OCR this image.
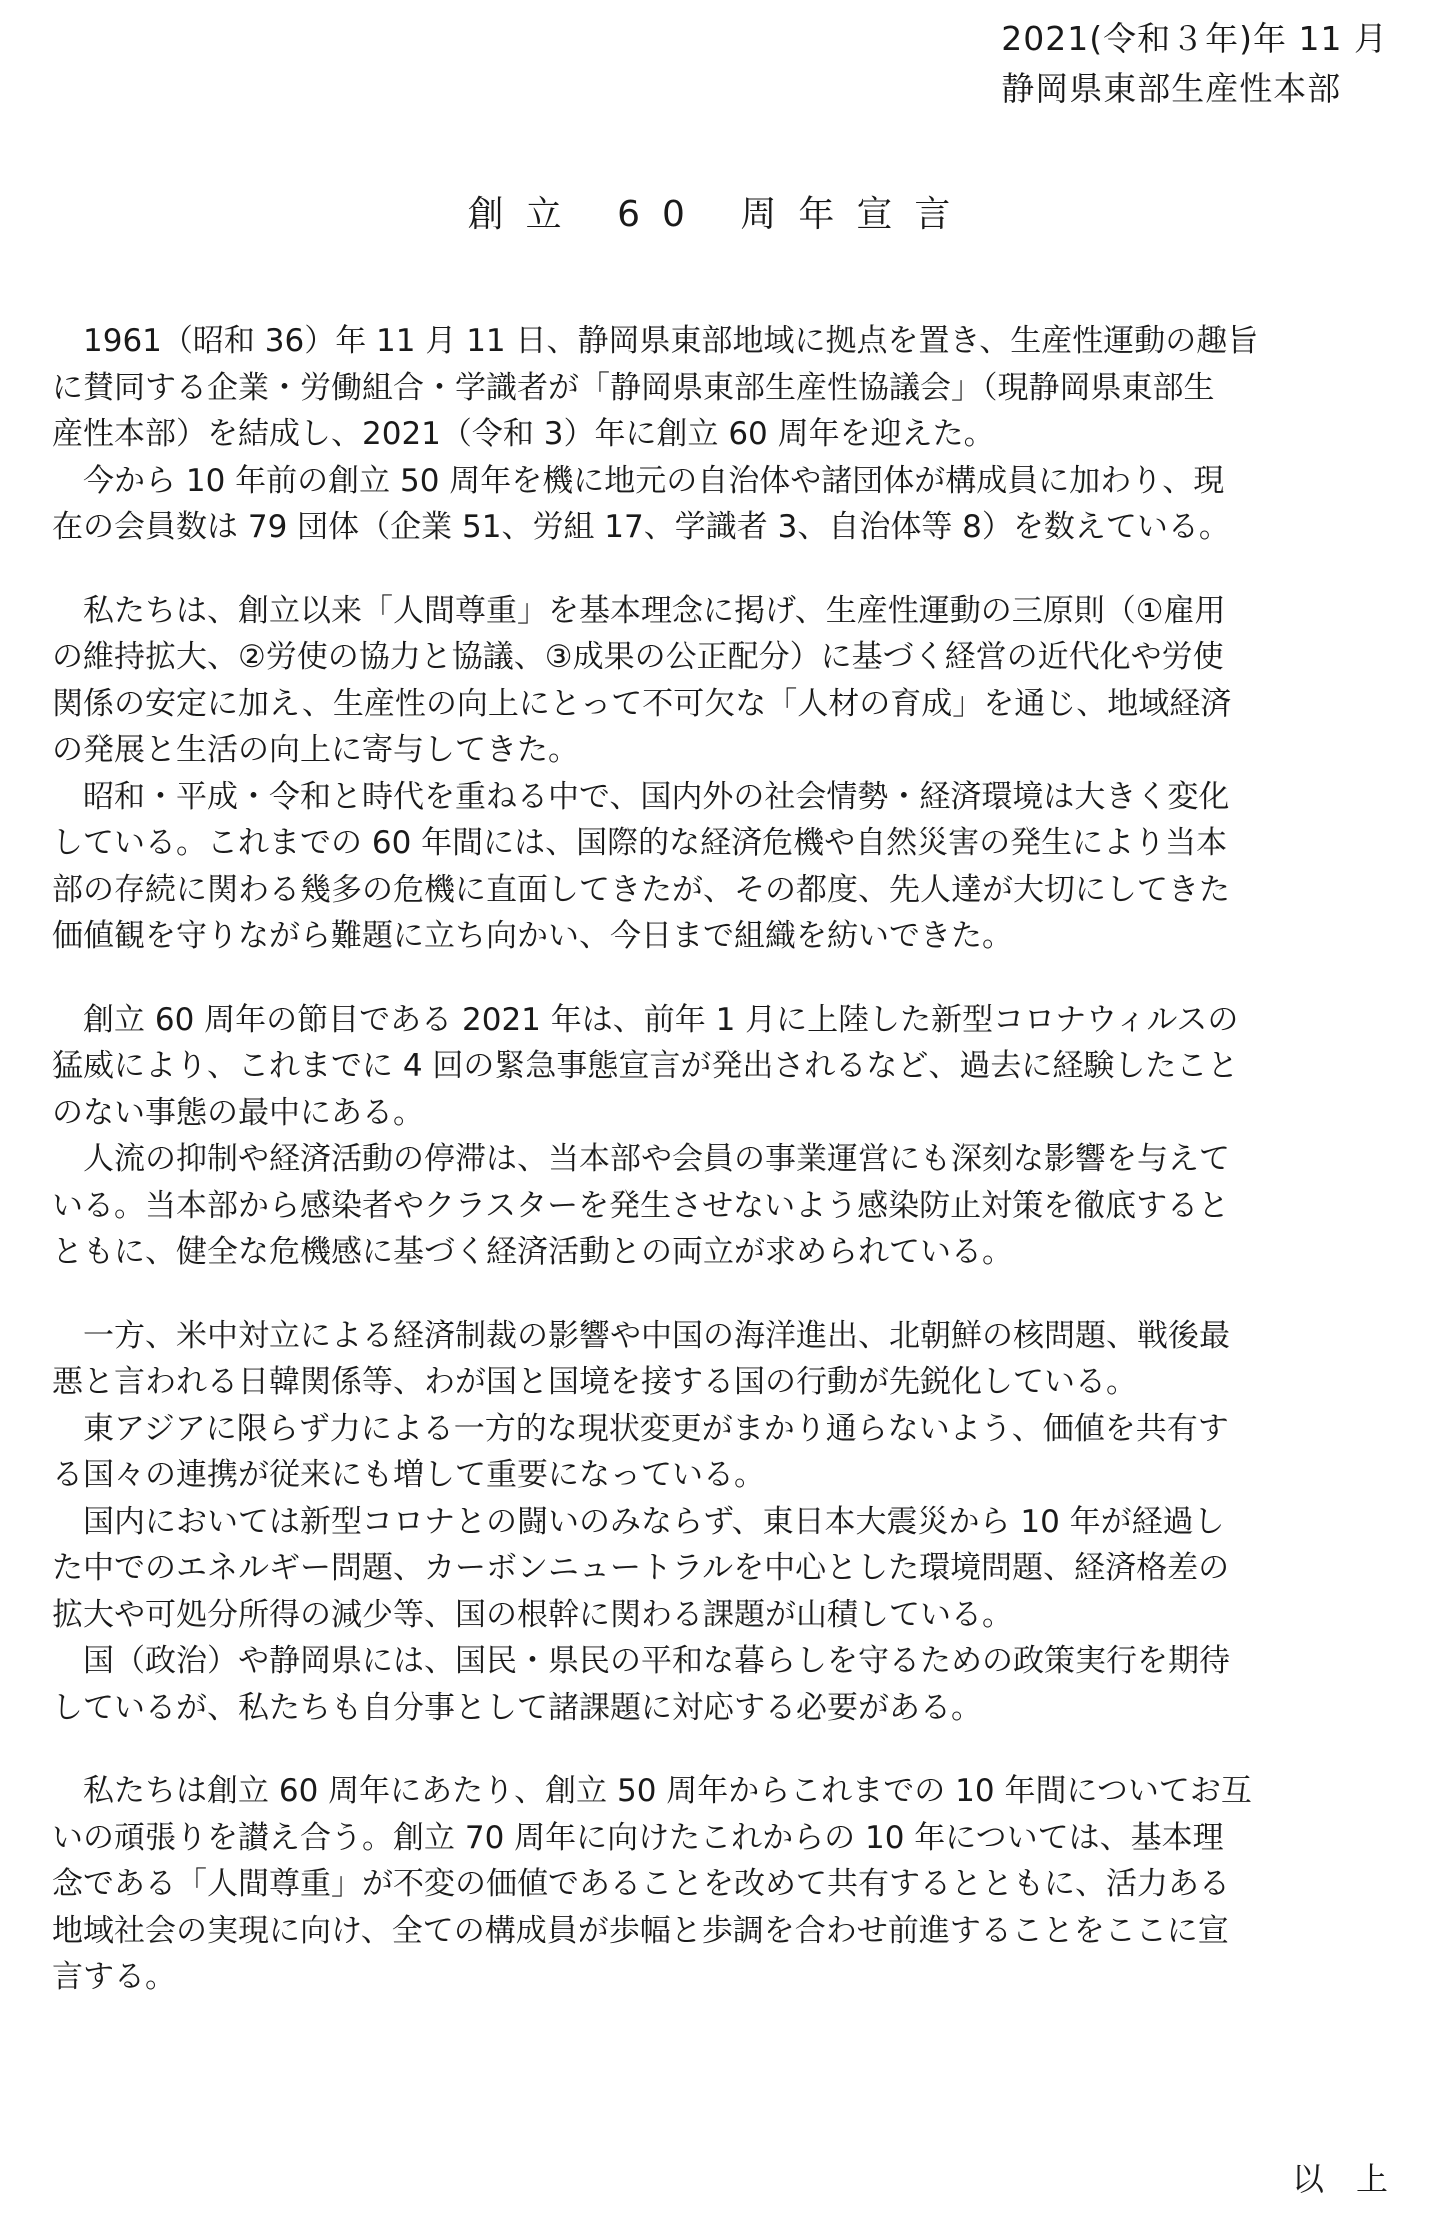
2021(令和３年)年 11 月
静岡県東部生産性本部
創立 60 周年宣言

1961（昭和 36）年 11 月 11 日、静岡県東部地域に拠点を置き、生産性運動の趣旨
に賛同する企業・労働組合・学識者が「静岡県東部生産性協議会」（現静岡県東部生
産性本部）を結成し、2021（令和 3）年に創立 60 周年を迎えた。

今から 10 年前の創立 50 周年を機に地元の自治体や諸団体が構成員に加わり、現
在の会員数は 79 団体（企業 51、労組 17、学識者 3、自治体等 8）を数えている。

私たちは、創立以来「人間尊重」を基本理念に掲げ、生産性運動の三原則（①雇用
の維持拡大、②労使の協力と協議、③成果の公正配分）に基づく経営の近代化や労使
関係の安定に加え、生産性の向上にとって不可欠な「人材の育成」を通じ、地域経済
の発展と生活の向上に寄与してきた。

昭和・平成・令和と時代を重ねる中で、国内外の社会情勢・経済環境は大きく変化
している。これまでの 60 年間には、国際的な経済危機や自然災害の発生により当本
部の存続に関わる幾多の危機に直面してきたが、その都度、先人達が大切にしてきた
価値観を守りながら難題に立ち向かい、今日まで組織を紡いできた。

創立 60 周年の節目である 2021 年は、前年 1 月に上陸した新型コロナウィルスの
猛威により、これまでに 4 回の緊急事態宣言が発出されるなど、過去に経験したこと
のない事態の最中にある。

人流の抑制や経済活動の停滞は、当本部や会員の事業運営にも深刻な影響を与えて
いる。当本部から感染者やクラスターを発生させないよう感染防止対策を徹底すると
ともに、健全な危機感に基づく経済活動との両立が求められている。

一方、米中対立による経済制裁の影響や中国の海洋進出、北朝鮮の核問題、戦後最
悪と言われる日韓関係等、わが国と国境を接する国の行動が先鋭化している。

東アジアに限らず力による一方的な現状変更がまかり通らないよう、価値を共有す
る国々の連携が従来にも増して重要になっている。

国内においては新型コロナとの闘いのみならず、東日本大震災から 10 年が経過し
た中でのエネルギー問題、カーボンニュートラルを中心とした環境問題、経済格差の
拡大や可処分所得の減少等、国の根幹に関わる課題が山積している。

国（政治）や静岡県には、国民・県民の平和な暮らしを守るための政策実行を期待
しているが、私たちも自分事として諸課題に対応する必要がある。

私たちは創立 60 周年にあたり、創立 50 周年からこれまでの 10 年間についてお互
いの頑張りを讃え合う。創立 70 周年に向けたこれからの 10 年については、基本理
念である「人間尊重」が不変の価値であることを改めて共有するとともに、活力ある
地域社会の実現に向け、全ての構成員が歩幅と歩調を合わせ前進することをここに宣
言する。

以　上
